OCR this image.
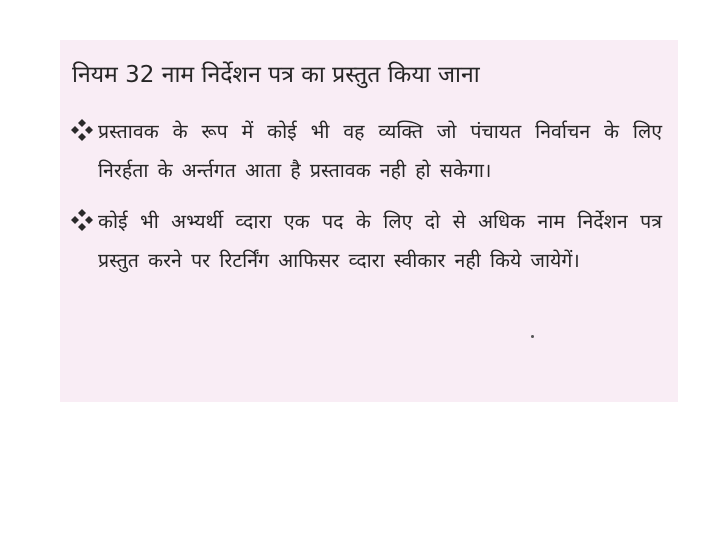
नियम 32 नाम निर्देशन पत्र का प्रस्तुत किया जाना
प्रस्तावक के रूप में कोई भी वह व्यक्ति जो पंचायत निर्वाचन के लिए निरर्हता के अर्न्तगत आता है प्रस्तावक नही हो सकेगा।
कोई भी अभ्यर्थी व्दारा एक पद के लिए दो से अधिक नाम निर्देशन पत्र प्रस्तुत करने पर रिटर्निंग आफिसर व्दारा स्वीकार नही किये जायेगें।
